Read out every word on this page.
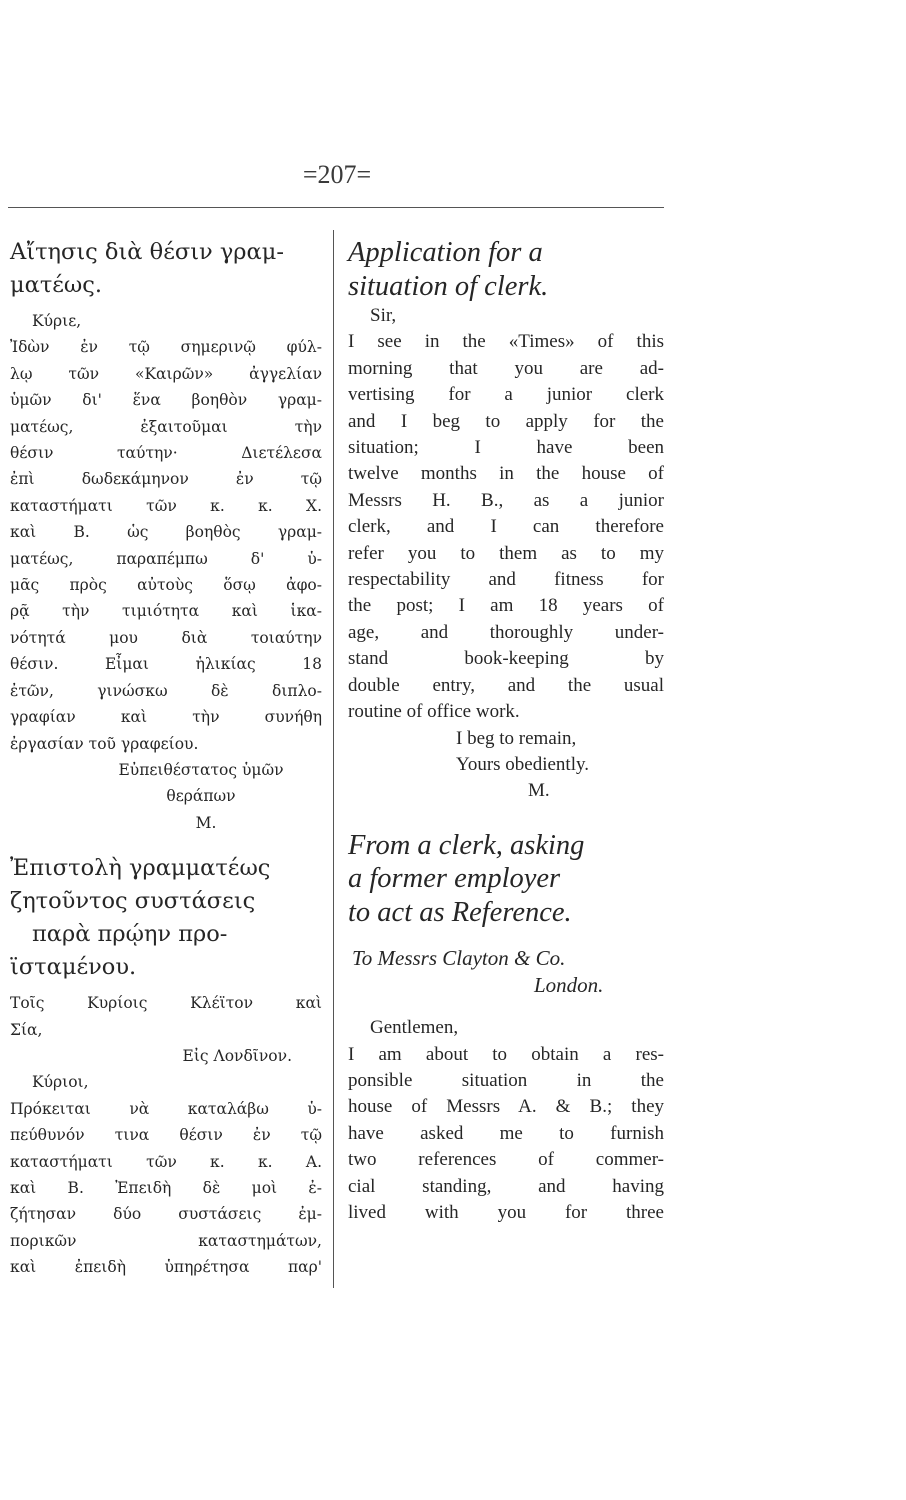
=207=
Αἴτησις διὰ θέσιν γραμ-
ματέως.
Κύριε,
Ἰδὼν ἐν τῷ σημερινῷ φύλ-
λῳ τῶν «Καιρῶν» ἀγγελίαν
ὑμῶν δι' ἕνα βοηθὸν γραμ-
ματέως, ἐξαιτοῦμαι τὴν
θέσιν ταύτην· Διετέλεσα
ἐπὶ δωδεκάμηνον ἐν τῷ
καταστήματι τῶν κ. κ. Χ.
καὶ Β. ὡς βοηθὸς γραμ-
ματέως, παραπέμπω δ' ὑ-
μᾶς πρὸς αὐτοὺς ὅσῳ ἀφο-
ρᾷ τὴν τιμιότητα καὶ ἱκα-
νότητά μου διὰ τοιαύτην
θέσιν. Εἶμαι ἡλικίας 18
ἐτῶν, γινώσκω δὲ διπλο-
γραφίαν καὶ τὴν συνήθη
ἐργασίαν τοῦ γραφείου.
Εὐπειθέστατος ὑμῶν
θεράπων
Μ.
Ἐπιστολὴ γραμματέως
ζητοῦντος συστάσεις
παρὰ πρῴην προ-
ϊσταμένου.
Τοῖς Κυρίοις Κλέϊτον καὶ
Σία,
Εἰς Λονδῖνον.
Κύριοι,
Πρόκειται νὰ καταλάβω ὑ-
πεύθυνόν τινα θέσιν ἐν τῷ
καταστήματι τῶν κ. κ. Α.
καὶ Β. Ἐπειδὴ δὲ μοὶ ἐ-
ζήτησαν δύο συστάσεις ἐμ-
πορικῶν καταστημάτων,
καὶ ἐπειδὴ ὑπηρέτησα παρ'
Application for a
situation of clerk.
Sir,
I see in the «Times» of this
morning that you are ad-
vertising for a junior clerk
and I beg to apply for the
situation; I have been
twelve months in the house of
Messrs H. B., as a junior
clerk, and I can therefore
refer you to them as to my
respectability and fitness for
the post; I am 18 years of
age, and thoroughly under-
stand book-keeping by
double entry, and the usual
routine of office work.
I beg to remain,
Yours obediently.
M.
From a clerk, asking
a former employer
to act as Reference.
To Messrs Clayton & Co.
London.
Gentlemen,
I am about to obtain a res-
ponsible situation in the
house of Messrs A. & B.; they
have asked me to furnish
two references of commer-
cial standing, and having
lived with you for three
